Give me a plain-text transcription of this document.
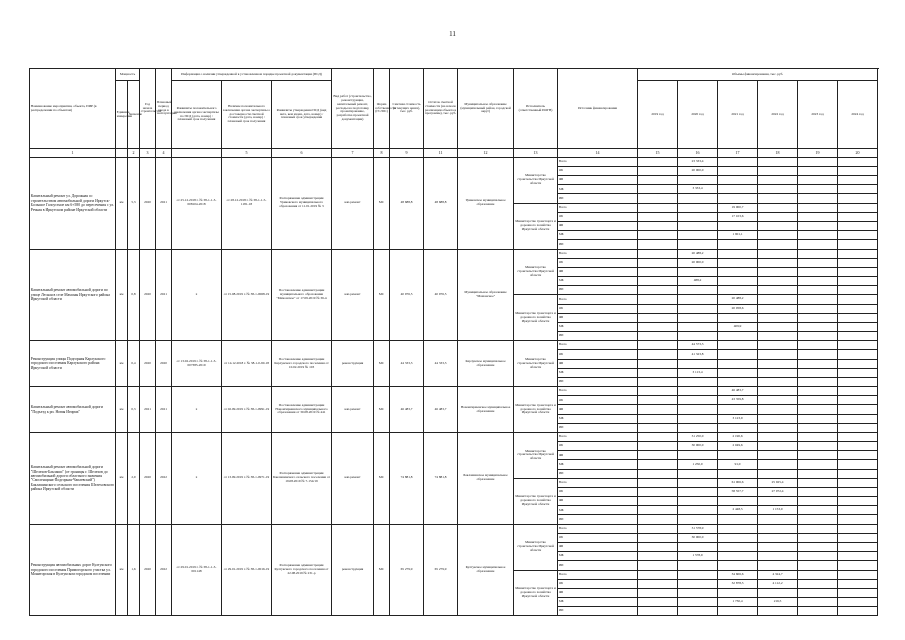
11
Наименование мероприятия, объекта, ПИР (в распределении по объектам)	Мощность		Год начала строительства	Плановый период ввода в эксплуатацию	Информация о наличии утвержденной в установленном порядке проектной документации (ПСД)			Вид работ (строительство, реконструкция, капитальный ремонт, расходы на подготовку, проектирование, разработка проектной документации)	Форма собственности (ГС/МС)	Сметная стоимость (в текущих ценах), тыс. руб.	Остаток сметной стоимости (на начало реализации объекта в программе), тыс. руб.	Муниципальное образование (муниципальный район, городской округ)	Исполнитель (ответственный ИОГВ)	Источник финансирования	Объемы финансирования, тыс. руб.						
	Единица измерения	Значение			Реквизиты положительного заключения органа экспертизы по ПСД (дата, номер) / плановый срок получения	Наличие положительного заключения органа экспертизы о достоверности сметной стоимости (дата, номер) / плановый срок получения	Реквизиты утверждения ПСД (вид акта, кем издан, дата, номер) / плановый срок утверждения								2019 год	2020 год	2021 год	2022 год	2023 год	2024 год	
1		2	3	4		5	6	7	8	9	11	12	13	14	15	16	17	18	19	20	
Капитальный ремонт ул. Дорожная со строительством автомобильной дороги Иркутск-Большое Голоустное км 6+580 до пересечения с ул. Речная в Иркутском районе Иркутской области	км	5,3	2020	2021	от 25.12.2018 г. № 38-1-1-3-008104-2018	от 28.12.2018 г. № 38-1-1-5-1181-18	Распоряжение администрации Уриковского муниципального образования от 11.01.2019 № 3	кап.ремонт	МС	48 688,8	48 688,8	Уриковское муниципальное образование	Министерство строительства Иркутской области	Всего		23 333,4					
														ОБ		20 000,0					
														ФБ							
														МБ		3 333,4					
														ИИ							
													Министерство транспорта и дорожного хозяйства Иркутской области	Всего			19 000,7				
														ОБ			17 103,6				
														ФБ							
														МБ			1 901,1				
														ИИ							
Капитальный ремонт автомобильной дороги по улице Лесная в селе Мамоны Иркутского района Иркутской области	км	0,8	2020	2021	x	от 15.08.2019 г. № 38-1-0068-19	Постановление администрации муниципального образования "Мамонское" от 17.09.2019 № 36-п	кап.ремонт	МС	40 976,5	40 976,5	Муниципальное образование "Мамонское"	Министерство строительства Иркутской области	Всего		20 488,2					
														ОБ		20 000,0					
														ФБ							
														МБ		488,2					
														ИИ							
													Министерство транспорта и дорожного хозяйства Иркутской области	Всего			20 488,2				
														ОБ			20 058,6				
														ФБ							
														МБ			409,9				
														ИИ							
Реконструкция улицы Подгорная Карлукского городского поселения Карлукского района Иркутской области	км	0,4	2020	2020	от 13.02.2019 г. № 38-1-1-3-007385-2019	от 14.12.2018 г. № 38-1-0-90-18	Постановление администрации Карлукского городского поселения от 10.02.2019 № 103	реконструкция	МС	44 333,3	44 333,3	Карлукское муниципальное образование	Министерство строительства Иркутской области	Всего		44 573,3					
														ОБ		41 323,8					
														ФБ							
														МБ		3 113,4					
														ИИ							
Капитальный ремонт автомобильной дороги "Подъезд к рп. Новая Игирма"	км	0,3	2021	2021	x	от 02.09.2019 г. № 38-1-0991-19	Постановление администрации Новоигирменского муниципального образования от 30.08.2019 № 441	кап.ремонт	МС	46 483,7	46 483,7	Новоигирменское муниципальное образование	Министерство транспорта и дорожного хозяйства Иркутской области	Всего			46 483,7				
														ОБ			43 359,8				
														ФБ							
														МБ			3 123,9				
														ИИ							
Капитальный ремонт автомобильной дороги "Шелехов-Баклаши" (от границы г. Шелехов до автомобильной дороги областного значения "Смоленщина-Подгорная-Чапаевский") Баклашинского сельского поселения Шелеховского района Иркутской области	км	2,0	2020	2022	x	от 13.09.2019 г. № 38-1-0971-19	Распоряжение администрации Баклашинского сельского поселения от 19.08.2019 № 7-154/19	кап.ремонт	МС	74 881,8	74 881,8	Баклашинское муниципальное образование	Министерство строительства Иркутской области	Всего		31 250,0	2 190,6				
														ОБ		30 000,0	2 049,6				
														ФБ							
														МБ		1 250,0	91,0				
														ИИ							
													Министерство транспорта и дорожного хозяйства Иркутской области	Всего			61 006,6	25 925,4			
														ОБ			58 557,7	27 072,4			
														ФБ							
														МБ			2 448,5	1 153,0			
														ИИ							
Реконструкция автомобильных дорог Култукского городского поселения Примогорского участка ул. Мониторская в Култукском городском поселении	км	1,6	2020	2022	от 29.01.2019 г. № 38-1-1-3-001148	от 29.01.2019 г. № 38-1-0016-19	Распоряжение администрации Култукского городского поселения от 22.08.2019 № 231-р	реконструкция	МС	65 279,9	65 279,9	Култукское муниципальное образование	Министерство строительства Иркутской области	Всего		31 578,9					
														ОБ		30 000,0					
														ФБ							
														МБ		1 578,9					
														ИИ							
													Министерство транспорта и дорожного хозяйства Иркутской области	Всего			34 606,6	4 324,7			
														ОБ			32 878,3	4 112,2			
														ФБ							
														МБ			1 730,4	216,5			
														ИИ							
